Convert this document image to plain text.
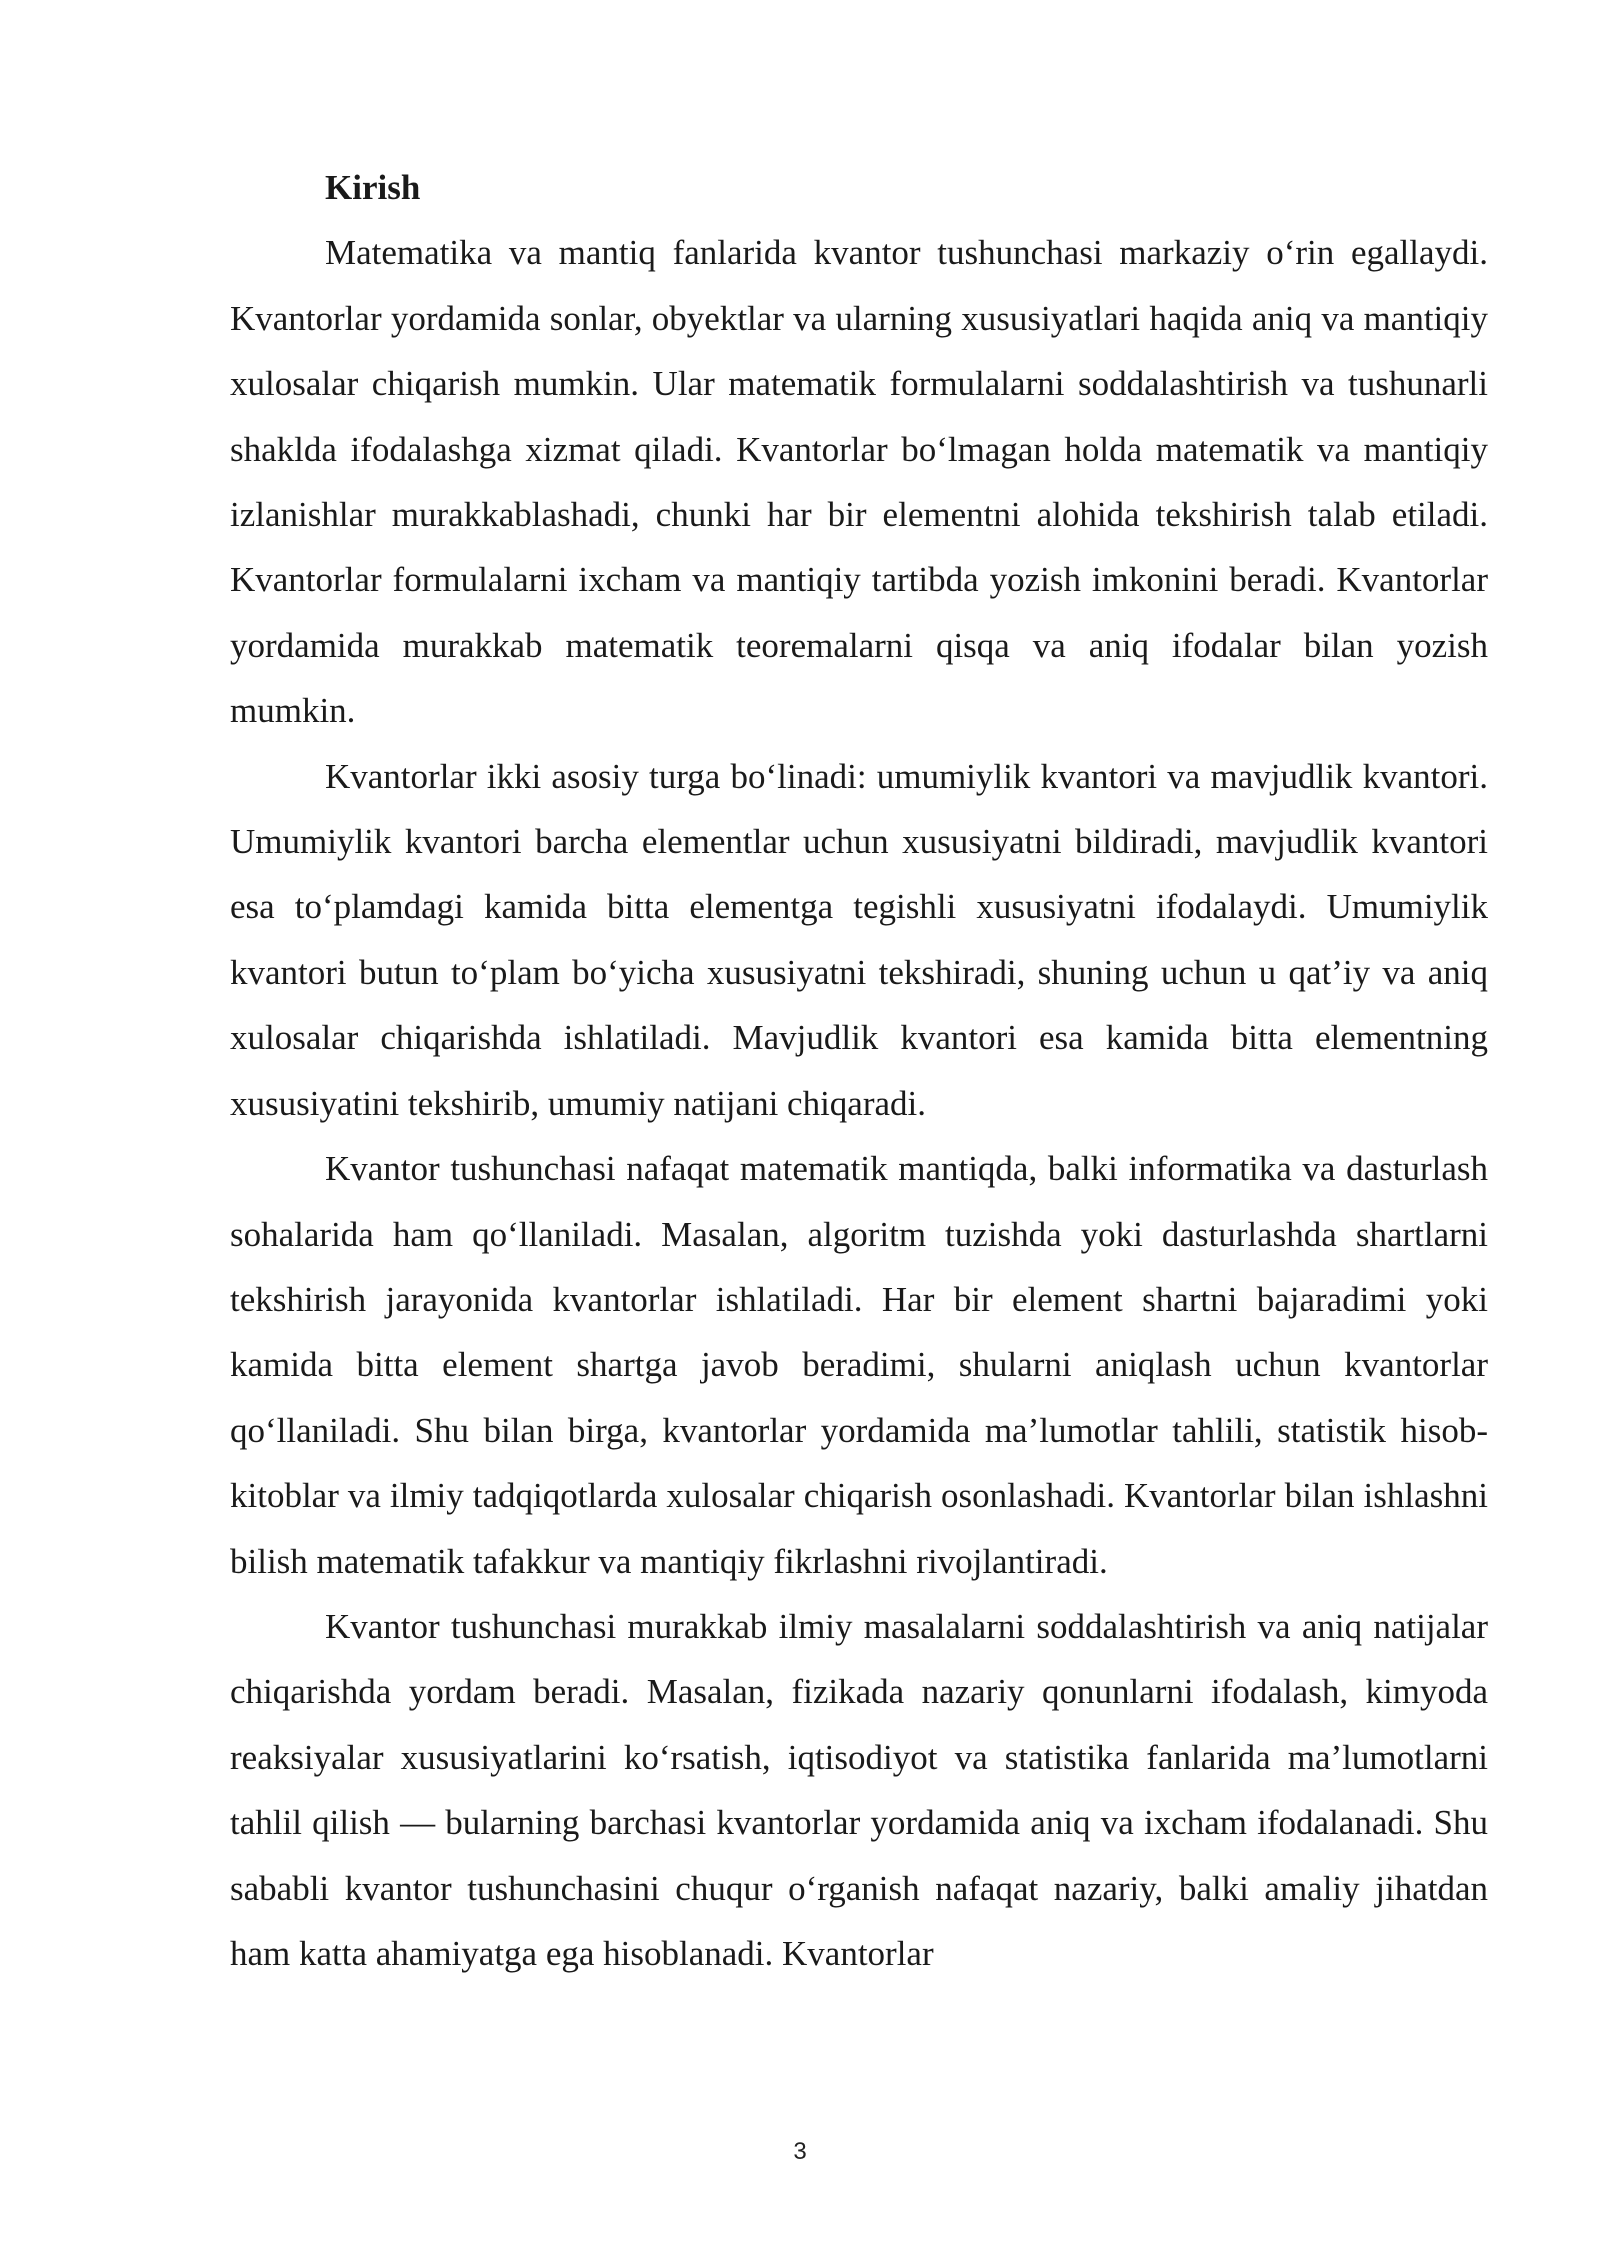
Kirish

Matematika va mantiq fanlarida kvantor tushunchasi markaziy o‘rin egallaydi. Kvantorlar yordamida sonlar, obyektlar va ularning xususiyatlari haqida aniq va mantiqiy xulosalar chiqarish mumkin. Ular matematik formulalarni soddalashtirish va tushunarli shaklda ifodalashga xizmat qiladi. Kvantorlar bo‘lmagan holda matematik va mantiqiy izlanishlar murakkablashadi, chunki har bir elementni alohida tekshirish talab etiladi. Kvantorlar formulalarni ixcham va mantiqiy tartibda yozish imkonini beradi. Kvantorlar yordamida murakkab matematik teoremalarni qisqa va aniq ifodalar bilan yozish mumkin.

Kvantorlar ikki asosiy turga bo‘linadi: umumiylik kvantori va mavjudlik kvantori. Umumiylik kvantori barcha elementlar uchun xususiyatni bildiradi, mavjudlik kvantori esa to‘plamdagi kamida bitta elementga tegishli xususiyatni ifodalaydi. Umumiylik kvantori butun to‘plam bo‘yicha xususiyatni tekshiradi, shuning uchun u qat’iy va aniq xulosalar chiqarishda ishlatiladi. Mavjudlik kvantori esa kamida bitta elementning xususiyatini tekshirib, umumiy natijani chiqaradi.

Kvantor tushunchasi nafaqat matematik mantiqda, balki informatika va dasturlash sohalarida ham qo‘llaniladi. Masalan, algoritm tuzishda yoki dasturlashda shartlarni tekshirish jarayonida kvantorlar ishlatiladi. Har bir element shartni bajaradimi yoki kamida bitta element shartga javob beradimi, shularni aniqlash uchun kvantorlar qo‘llaniladi. Shu bilan birga, kvantorlar yordamida ma’lumotlar tahlili, statistik hisob-kitoblar va ilmiy tadqiqotlarda xulosalar chiqarish osonlashadi. Kvantorlar bilan ishlashni bilish matematik tafakkur va mantiqiy fikrlashni rivojlantiradi.

Kvantor tushunchasi murakkab ilmiy masalalarni soddalashtirish va aniq natijalar chiqarishda yordam beradi. Masalan, fizikada nazariy qonunlarni ifodalash, kimyoda reaksiyalar xususiyatlarini ko‘rsatish, iqtisodiyot va statistika fanlarida ma’lumotlarni tahlil qilish — bularning barchasi kvantorlar yordamida aniq va ixcham ifodalanadi. Shu sababli kvantor tushunchasini chuqur o‘rganish nafaqat nazariy, balki amaliy jihatdan ham katta ahamiyatga ega hisoblanadi. Kvantorlar

3
